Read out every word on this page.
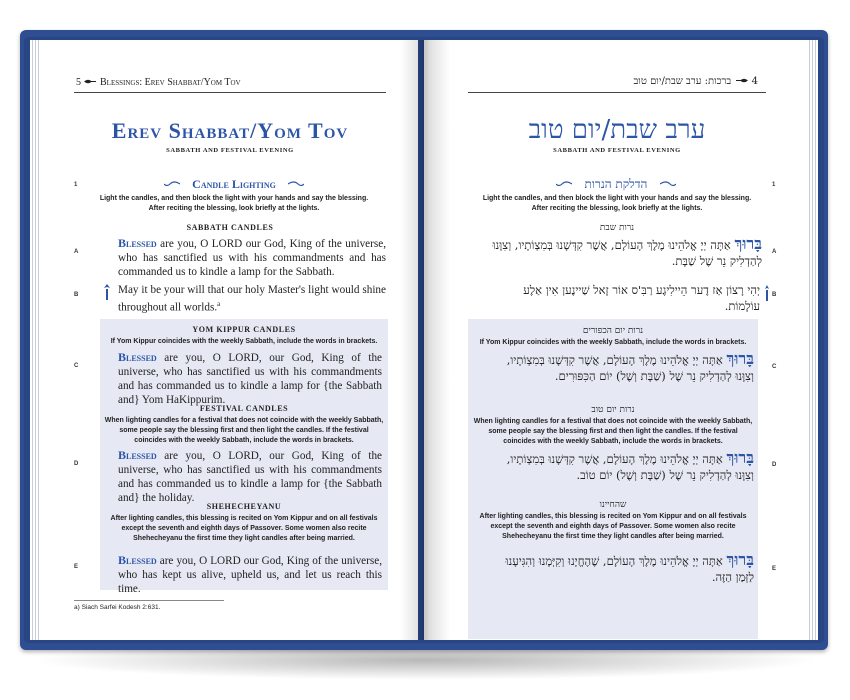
5 Blessings: Erev Shabbat/Yom Tov
Erev Shabbat/Yom Tov
SABBATH AND FESTIVAL EVENING
1	Candle Lighting
Light the candles, and then block the light with your hands and say the blessing.
After reciting the blessing, look briefly at the lights.
SABBATH CANDLES
A
Blessed are you, O LORD our God, King of the universe, who has sanctified us with his commandments and has commanded us to kindle a lamp for the Sabbath.
B	May it be your will that our holy Master's light would shine throughout all worlds.$^a$
YOM KIPPUR CANDLES
If Yom Kippur coincides with the weekly Sabbath, include the words in brackets.
C
Blessed are you, O LORD, our God, King of the universe, who has sanctified us with his commandments and has commanded us to kindle a lamp for {the Sabbath and} Yom HaKippurim.
FESTIVAL CANDLES
When lighting candles for a festival that does not coincide with the weekly Sabbath, some people say the blessing first and then light the candles. If the festival coincides with the weekly Sabbath, include the words in brackets.
D
Blessed are you, O LORD, our God, King of the universe, who has sanctified us with his commandments and has commanded us to kindle a lamp for {the Sabbath and} the holiday.
SHEHECHEYANU
After lighting candles, this blessing is recited on Yom Kippur and on all festivals except the seventh and eighth days of Passover. Some women also recite Shehecheyanu the first time they light candles after being married.
E	Blessed are you, O LORD our God, King of the universe, who has kept us alive, upheld us, and let us reach this time.
a) Siach Sarfei Kodesh 2:631.
4  ברכות: ערב שבת/יום טוב
ערב שבת/יום טוב
SABBATH AND FESTIVAL EVENING
1
הדלקת הנרות
Light the candles, and then block the light with your hands and say the blessing.
After reciting the blessing, look briefly at the lights.
נרות שבת
A
בָּרוּךְ אַתָּה יְיָ אֱלֹהֵינוּ מֶלֶךְ הָעוֹלָם, אֲשֶׁר קִדְּשָׁנוּ בְּמִצְוֹתָיו, וְצִוָּנוּ
לְהַדְלִיק נֵר שֶׁל שַׁבָּת.
B
יְהִי רָצוֹן אַז דֶער הֵיילִיגֶע רַבִּ'ס אוֹר זָאל שַׁיינֶען אִין אַלֶע
עוֹלָמוֹת.
נרות יום הכפורים
If Yom Kippur coincides with the weekly Sabbath, include the words in brackets.
C
בָּרוּךְ אַתָּה יְיָ אֱלֹהֵינוּ מֶלֶךְ הָעוֹלָם, אֲשֶׁר קִדְּשָׁנוּ בְּמִצְוֹתָיו,
וְצִוָּנוּ לְהַדְלִיק נֵר שֶׁל (שַׁבָּת וְשֶׁל) יוֹם הַכִּפּוּרִים.
נרות יום טוב
When lighting candles for a festival that does not coincide with the weekly Sabbath, some people say the blessing first and then light the candles. If the festival coincides with the weekly Sabbath, include the words in brackets.
D
בָּרוּךְ אַתָּה יְיָ אֱלֹהֵינוּ מֶלֶךְ הָעוֹלָם, אֲשֶׁר קִדְּשָׁנוּ בְּמִצְוֹתָיו,
וְצִוָּנוּ לְהַדְלִיק נֵר שֶׁל (שַׁבָּת וְשֶׁל) יוֹם טוֹב.
שהחיינו
After lighting candles, this blessing is recited on Yom Kippur and on all festivals except the seventh and eighth days of Passover. Some women also recite Shehecheyanu the first time they light candles after being married.
E
בָּרוּךְ אַתָּה יְיָ אֱלֹהֵינוּ מֶלֶךְ הָעוֹלָם, שֶׁהֶחֱיָנוּ וְקִיְּמָנוּ וְהִגִּיעָנוּ
לַזְּמַן הַזֶּה.
